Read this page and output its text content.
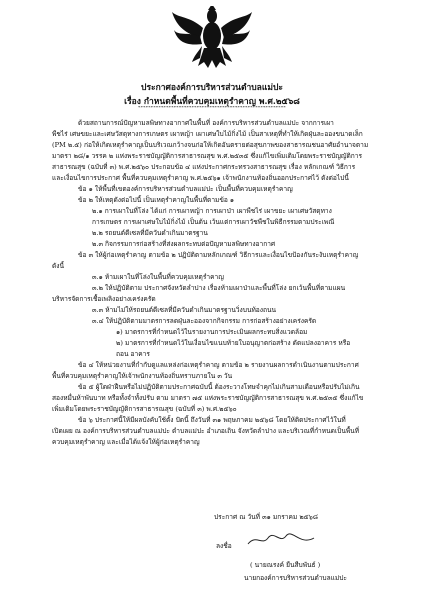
ประกาศองค์การบริหารส่วนตำบลแม่ปะ
เรื่อง กำหนดพื้นที่ควบคุมเหตุรำคาญ พ.ศ.๒๕๖๘
**********************************************************

ด้วยสถานการณ์ปัญหามลพิษทางอากาศในพื้นที่ องค์การบริหารส่วนตำบลแม่ปะ จากการเผา

พืชไร่ เศษขยะและเศษวัสดุทางการเกษตร เผาหญ้า เผาเศษใบไม้กิ่งไม้ เป็นสาเหตุที่ทำให้เกิดฝุ่นละอองขนาดเล็ก

(PM ๒.๕) ก่อให้เกิดเหตุรำคาญเป็นบริเวณกว้างจนก่อให้เกิดอันตรายต่อสุขภาพของสาธารณชนอาศัยอำนาจตาม

มาตรา ๒๘/๑ วรรค ๒ แห่งพระราชบัญญัติการสาธารณสุข พ.ศ.๒๕๓๕ ซึ่งแก้ไขเพิ่มเติมโดยพระราชบัญญัติการ

สาธารณสุข (ฉบับที่ ๓) พ.ศ.๒๕๖๐ ประกอบข้อ ๔ แห่งประกาศกระทรวงสาธารณสุข เรื่อง หลักเกณฑ์ วิธีการ

และเงื่อนไขการประกาศ พื้นที่ควบคุมเหตุรำคาญ พ.ศ.๒๕๖๑ เจ้าพนักงานท้องถิ่นออกประกาศไว้ ดังต่อไปนี้

ข้อ ๑ ให้พื้นที่เขตองค์การบริหารส่วนตำบลแม่ปะ เป็นพื้นที่ควบคุมเหตุรำคาญ

ข้อ ๒ ให้เหตุดังต่อไปนี้ เป็นเหตุรำคาญในพื้นที่ตามข้อ ๑

๒.๑ การเผาในที่โล่ง ได้แก่ การเผาหญ้า การเผาป่า เผาพืชไร่ เผาขยะ เผาเศษวัสดุทาง

การเกษตร การเผาเศษใบไม้กิ่งไม้ เป็นต้น เว้นแต่การเผาวัชพืชในพิธีกรรมตามประเพณี

๒.๒ รถยนต์ดีเซลที่มีควันดำเกินมาตรฐาน

๒.๓ กิจกรรมการก่อสร้างที่ส่งผลกระทบต่อปัญหามลพิษทางอากาศ

ข้อ ๓ ให้ผู้ก่อเหตุรำคาญ ตามข้อ ๒ ปฏิบัติตามหลักเกณฑ์ วิธีการและเงื่อนไขป้องกันระงับเหตุรำคาญ

ดังนี้

๓.๑ ห้ามเผาในที่โล่งในพื้นที่ควบคุมเหตุรำคาญ

๓.๒ ให้ปฏิบัติตาม ประกาศจังหวัดลำปาง เรื่องห้ามเผาป่าและพื้นที่โล่ง ยกเว้นพื้นที่ตามแผน

บริหารจัดการเชื้อเพลิงอย่างเคร่งครัด

๓.๓ ห้ามไม่ให้รถยนต์ดีเซลที่มีควันดำเกินมาตรฐานวิ่งบนท้องถนน

๓.๔ ให้ปฏิบัติตามมาตรการลดฝุ่นละอองจากกิจกรรม การก่อสร้างอย่างเคร่งครัด

๑) มาตรการที่กำหนดไว้ในรายงานการประเมินผลกระทบสิ่งแวดล้อม

๒) มาตรการที่กำหนดไว้ในเงื่อนไขแนบท้ายใบอนุญาตก่อสร้าง ดัดแปลงอาคาร หรือ

ถอน อาคาร

ข้อ ๔ ให้หน่วยงานที่กำกับดูแลแหล่งก่อเหตุรำคาญ ตามข้อ ๒ รายงานผลการดำเนินงานตามประกาศ

พื้นที่ควบคุมเหตุรำคาญให้เจ้าพนักงานท้องถิ่นทราบภายใน ๓ วัน

ข้อ ๕ ผู้ใดฝ่าฝืนหรือไม่ปฏิบัติตามประกาศฉบับนี้ ต้องระวางโทษจำคุกไม่เกินสามเดือนหรือปรับไม่เกิน

สองหมื่นห้าพันบาท หรือทั้งจำทั้งปรับ ตาม มาตรา ๗๕ แห่งพระราชบัญญัติการสาธารณสุข พ.ศ.๒๕๓๕ ซึ่งแก้ไข

เพิ่มเติมโดยพระราชบัญญัติการสาธารณสุข (ฉบับที่ ๓) พ.ศ.๒๕๖๐

ข้อ ๖ ประกาศนี้ให้มีผลบังคับใช้ตั้ง ปัตนี้ ถึงวันที่ ๓๑ พฤษภาคม ๒๕๖๘ โดยให้ติดประกาศไว้ในที่

เปิดเผย ณ องค์การบริหารส่วนตำบลแม่ปะ ตำบลแม่ปะ อำเภอเถิน จังหวัดลำปาง และบริเวณที่กำหนดเป็นพื้นที่

ควบคุมเหตุรำคาญ และเมื่อได้แจ้งให้ผู้ก่อเหตุรำคาญ

ประกาศ ณ วันที่ ๓๑ มกราคม ๒๕๖๘
ลงชื่อ
( นายณรงค์ ยืนสืบพันธ์ )
นายกองค์การบริหารส่วนตำบลแม่ปะ
